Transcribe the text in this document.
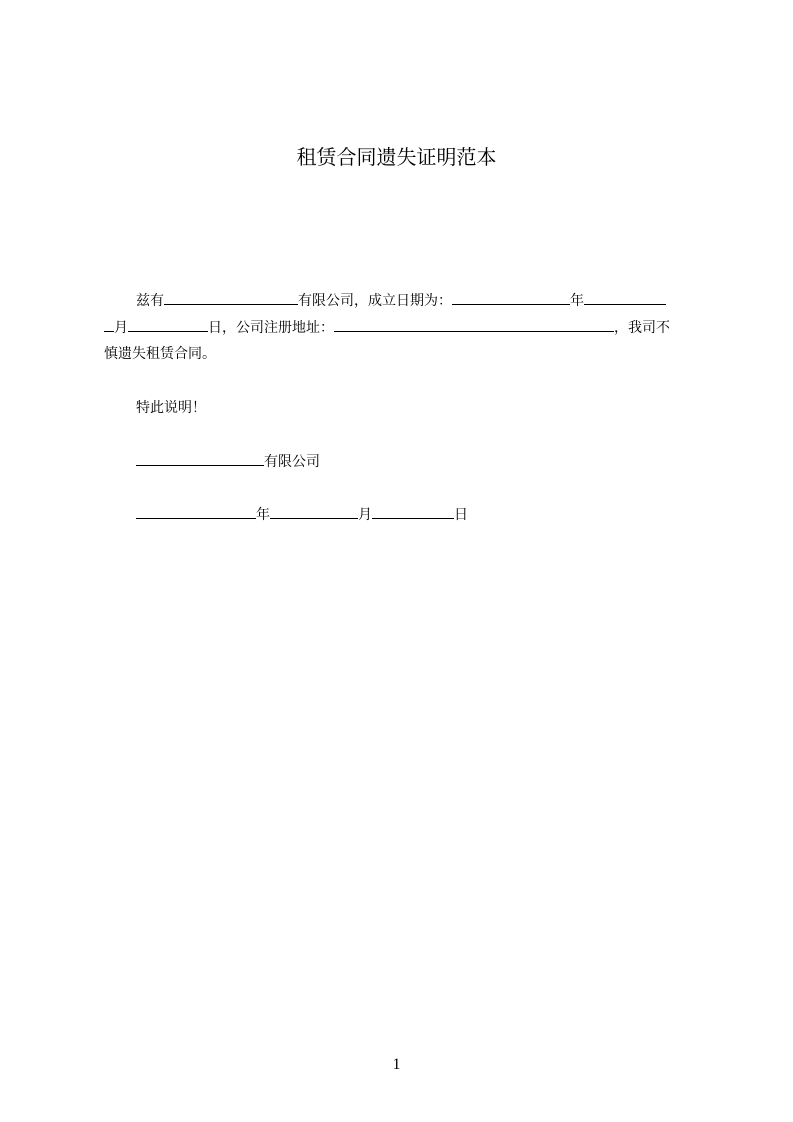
租赁合同遗失证明范本
兹有	有限公司，成立日期为：	年
月	日，公司注册地址：	，我司不
慎遗失租赁合同。
特此说明！
有限公司
年	月	日
1
